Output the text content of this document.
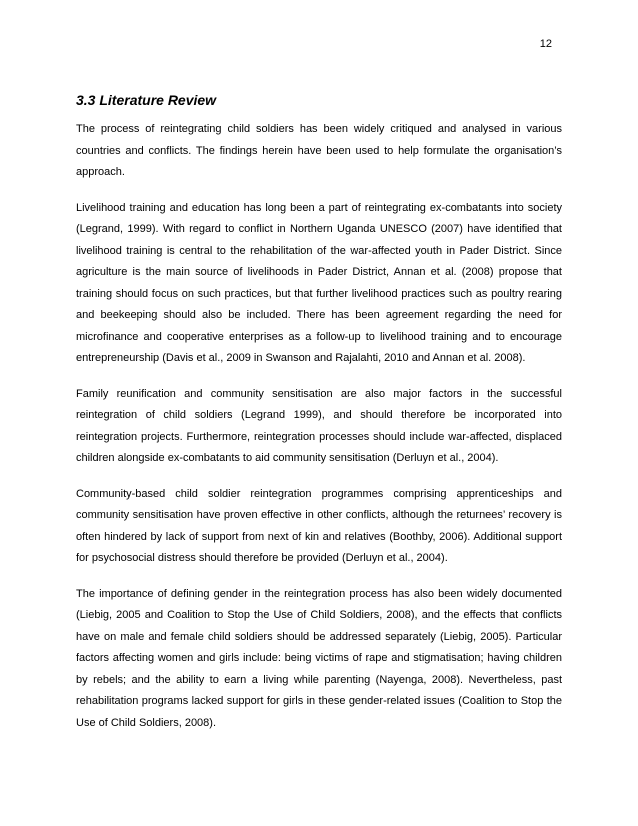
12
3.3 Literature Review

The process of reintegrating child soldiers has been widely critiqued and analysed in various countries and conflicts. The findings herein have been used to help formulate the organisation’s approach.

Livelihood training and education has long been a part of reintegrating ex-combatants into society (Legrand, 1999). With regard to conflict in Northern Uganda UNESCO (2007) have identified that livelihood training is central to the rehabilitation of the war-affected youth in Pader District. Since agriculture is the main source of livelihoods in Pader District, Annan et al. (2008) propose that training should focus on such practices, but that further livelihood practices such as poultry rearing and beekeeping should also be included. There has been agreement regarding the need for microfinance and cooperative enterprises as a follow-up to livelihood training and to encourage entrepreneurship (Davis et al., 2009 in Swanson and Rajalahti, 2010 and Annan et al. 2008).

Family reunification and community sensitisation are also major factors in the successful reintegration of child soldiers (Legrand 1999), and should therefore be incorporated into reintegration projects. Furthermore, reintegration processes should include war-affected, displaced children alongside ex-combatants to aid community sensitisation (Derluyn et al., 2004).

Community-based child soldier reintegration programmes comprising apprenticeships and community sensitisation have proven effective in other conflicts, although the returnees’ recovery is often hindered by lack of support from next of kin and relatives (Boothby, 2006). Additional support for psychosocial distress should therefore be provided (Derluyn et al., 2004).

The importance of defining gender in the reintegration process has also been widely documented (Liebig, 2005 and Coalition to Stop the Use of Child Soldiers, 2008), and the effects that conflicts have on male and female child soldiers should be addressed separately (Liebig, 2005). Particular factors affecting women and girls include: being victims of rape and stigmatisation; having children by rebels; and the ability to earn a living while parenting (Nayenga, 2008). Nevertheless, past rehabilitation programs lacked support for girls in these gender-related issues (Coalition to Stop the Use of Child Soldiers, 2008).
